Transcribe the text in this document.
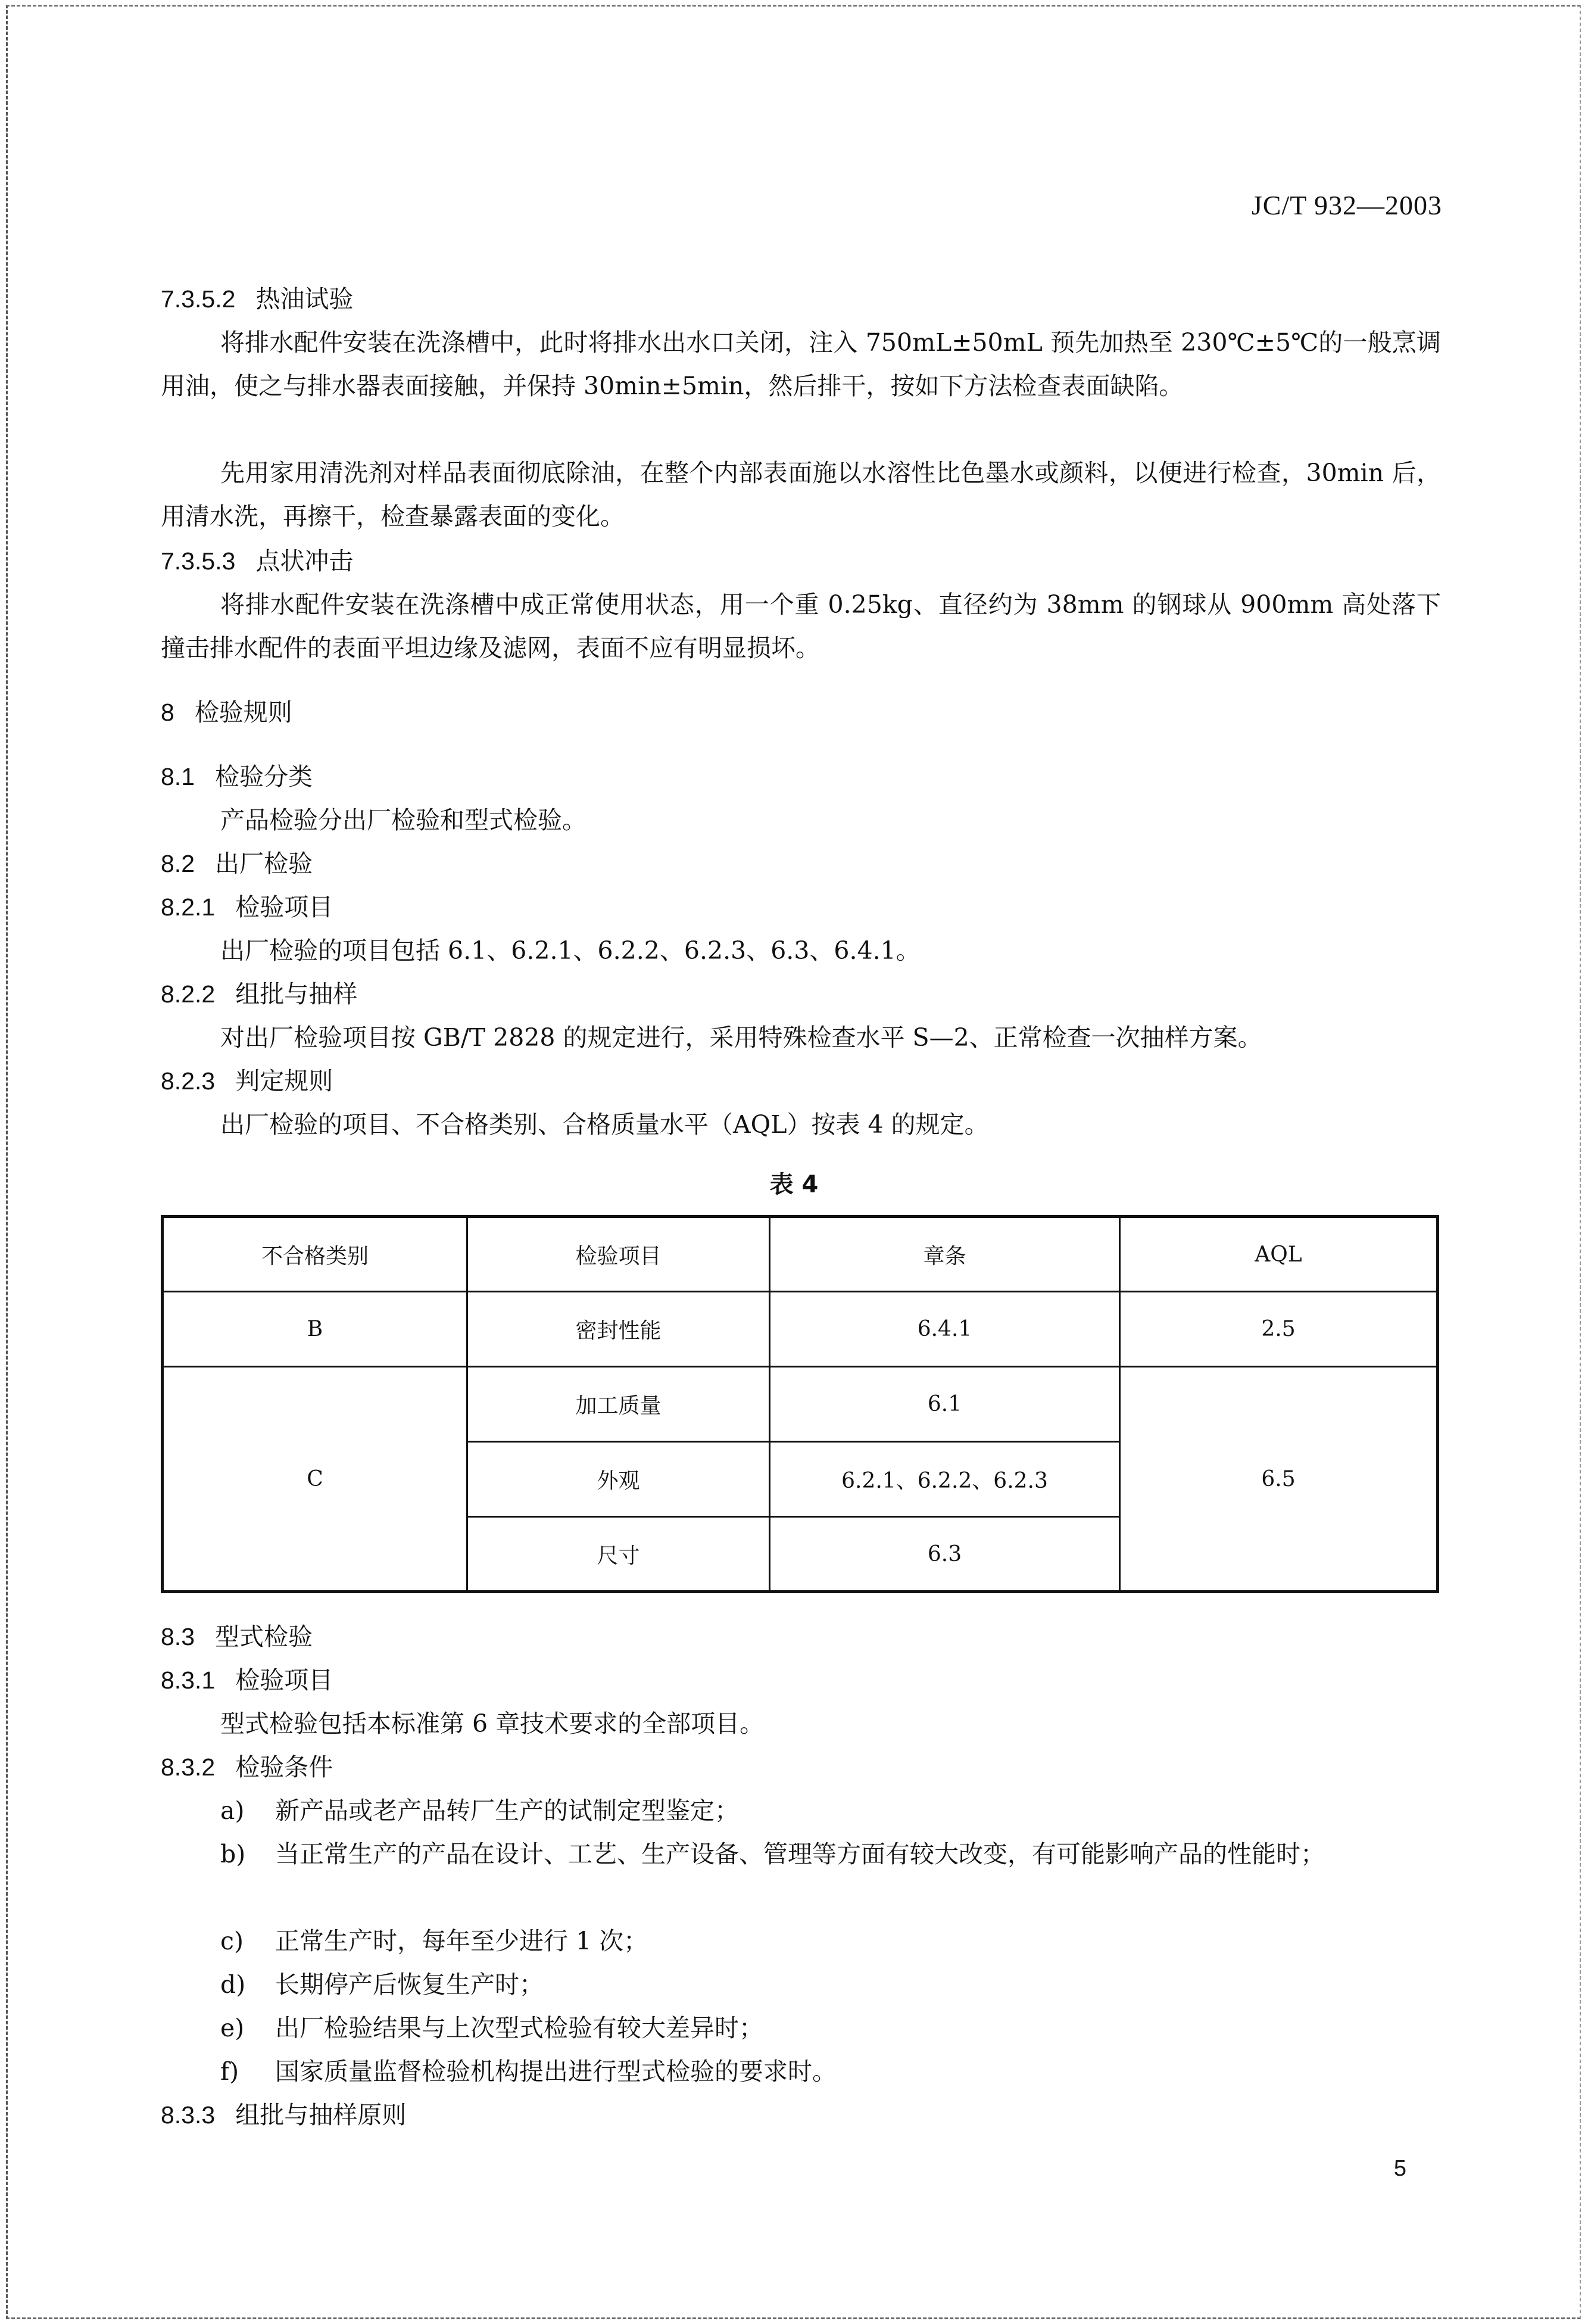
JC/T 932—2003
7.3.5.2 热油试验
将排水配件安装在洗涤槽中，此时将排水出水口关闭，注入 750mL±50mL 预先加热至 230℃±5℃的一般烹调用油，使之与排水器表面接触，并保持 30min±5min，然后排干，按如下方法检查表面缺陷。
先用家用清洗剂对样品表面彻底除油，在整个内部表面施以水溶性比色墨水或颜料，以便进行检查，30min 后，用清水洗，再擦干，检查暴露表面的变化。
7.3.5.3 点状冲击
将排水配件安装在洗涤槽中成正常使用状态，用一个重 0.25kg、直径约为 38mm 的钢球从 900mm 高处落下撞击排水配件的表面平坦边缘及滤网，表面不应有明显损坏。
8 检验规则
8.1 检验分类
产品检验分出厂检验和型式检验。
8.2 出厂检验
8.2.1 检验项目
出厂检验的项目包括 6.1、6.2.1、6.2.2、6.2.3、6.3、6.4.1。
8.2.2 组批与抽样
对出厂检验项目按 GB/T 2828 的规定进行，采用特殊检查水平 S—2、正常检查一次抽样方案。
8.2.3 判定规则
出厂检验的项目、不合格类别、合格质量水平（AQL）按表 4 的规定。
表 4
不合格类别	检验项目	章条	AQL
B	密封性能	6.4.1	2.5
C	加工质量	6.1	6.5
	外观	6.2.1、6.2.2、6.2.3	
	尺寸	6.3	
8.3 型式检验
8.3.1 检验项目
型式检验包括本标准第 6 章技术要求的全部项目。
8.3.2 检验条件
a) 新产品或老产品转厂生产的试制定型鉴定；
b) 当正常生产的产品在设计、工艺、生产设备、管理等方面有较大改变，有可能影响产品的性能时；
c) 正常生产时，每年至少进行 1 次；
d) 长期停产后恢复生产时；
e) 出厂检验结果与上次型式检验有较大差异时；
f) 国家质量监督检验机构提出进行型式检验的要求时。
8.3.3 组批与抽样原则
5
